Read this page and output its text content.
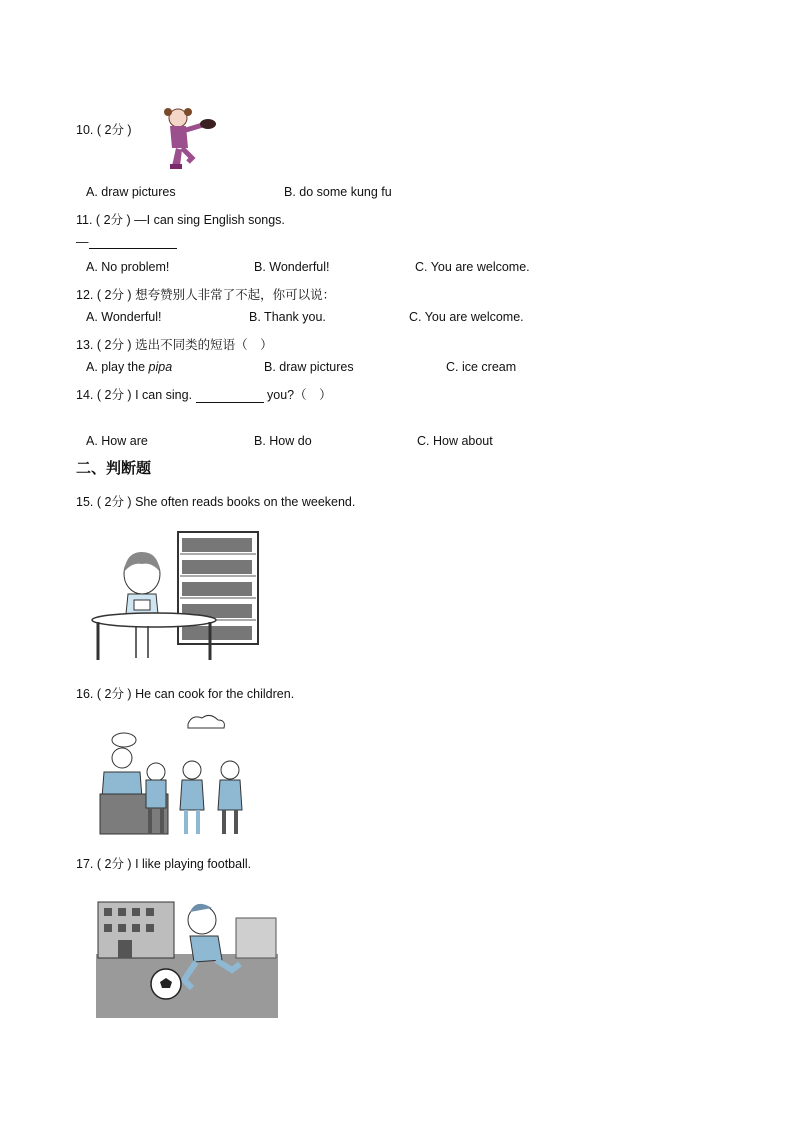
10. ( 2分 )
A. draw pictures	B. do some kung fu
11. ( 2分 ) —I can sing English songs.
—
A. No problem!	B. Wonderful!	C. You are welcome.
12. ( 2分 ) 想夸赞别人非常了不起，你可以说：
A. Wonderful!	B. Thank you.	C. You are welcome.
13. ( 2分 ) 选出不同类的短语（　）
A. play the pipa	B. draw pictures	C. ice cream
14. ( 2分 ) I can sing.	you?（　）
A. How are	B. How do	C. How about
二、判断题
15. ( 2分 ) She often reads books on the weekend.
16. ( 2分 ) He can cook for the children.
17. ( 2分 ) I like playing football.
